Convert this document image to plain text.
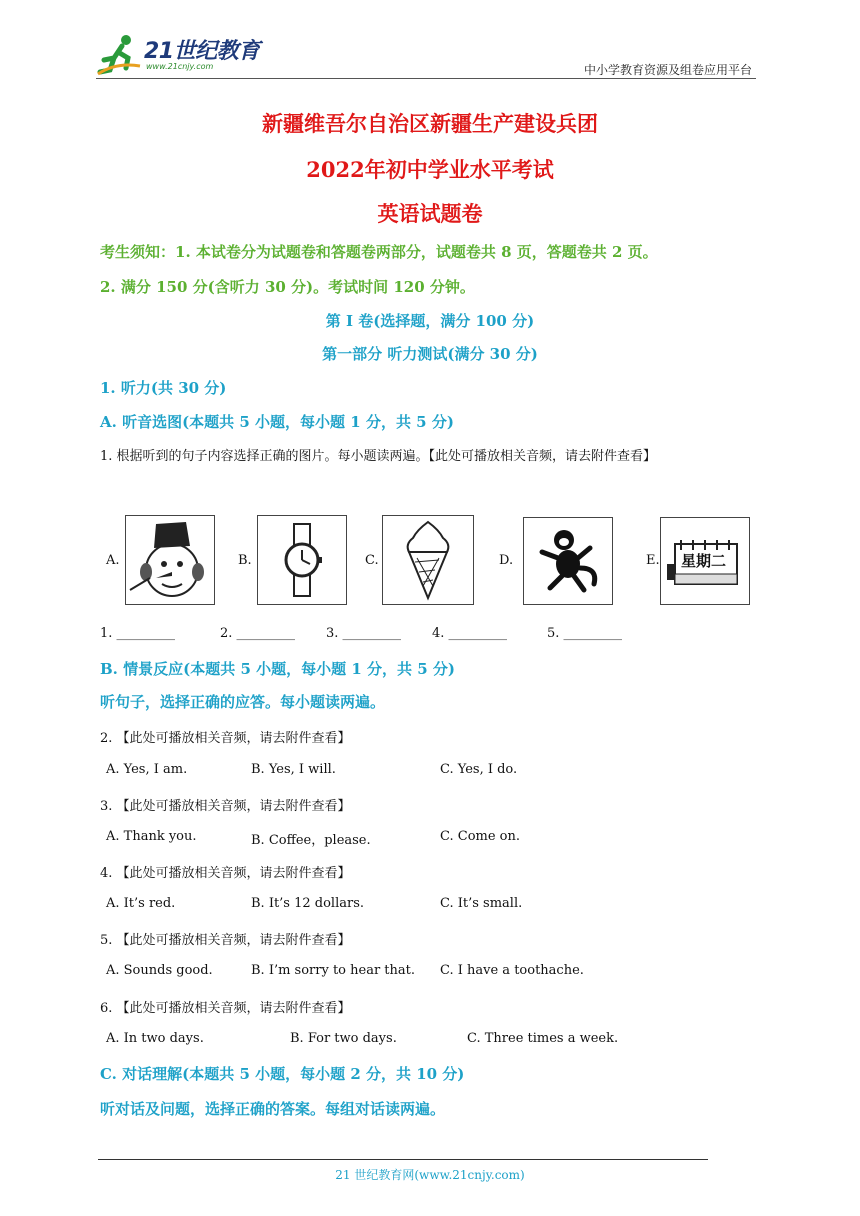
21世纪教育
www.21cnjy.com	中小学教育资源及组卷应用平台
新疆维吾尔自治区新疆生产建设兵团
2022年初中学业水平考试
英语试题卷
考生须知：1. 本试卷分为试题卷和答题卷两部分，试题卷共 8 页，答题卷共 2 页。
2. 满分 150 分(含听力 30 分)。考试时间 120 分钟。
第 I 卷(选择题，满分 100 分)
第一部分 听力测试(满分 30 分)
1. 听力(共 30 分)
A. 听音选图(本题共 5 小题，每小题 1 分，共 5 分)
1. 根据听到的句子内容选择正确的图片。每小题读两遍。【此处可播放相关音频，请去附件查看】
A.	B.	C.	D.	E. 星期二
1. _________	2. _________ 3. _________ 4. _________	5. _________
B. 情景反应(本题共 5 小题，每小题 1 分，共 5 分)
听句子，选择正确的应答。每小题读两遍。
2. 【此处可播放相关音频，请去附件查看】
A. Yes, I am.	B. Yes, I will.	C. Yes, I do.
3. 【此处可播放相关音频，请去附件查看】
A. Thank you.	B. Coffee，please.	C. Come on.
4. 【此处可播放相关音频，请去附件查看】
A. It’s red.	B. It’s 12 dollars.	C. It’s small.
5. 【此处可播放相关音频，请去附件查看】
A. Sounds good.	B. I’m sorry to hear that. C. I have a toothache.
6. 【此处可播放相关音频，请去附件查看】
A. In two days.	B. For two days.	C. Three times a week.
C. 对话理解(本题共 5 小题，每小题 2 分，共 10 分)
听对话及问题，选择正确的答案。每组对话读两遍。
21 世纪教育网(www.21cnjy.com)
